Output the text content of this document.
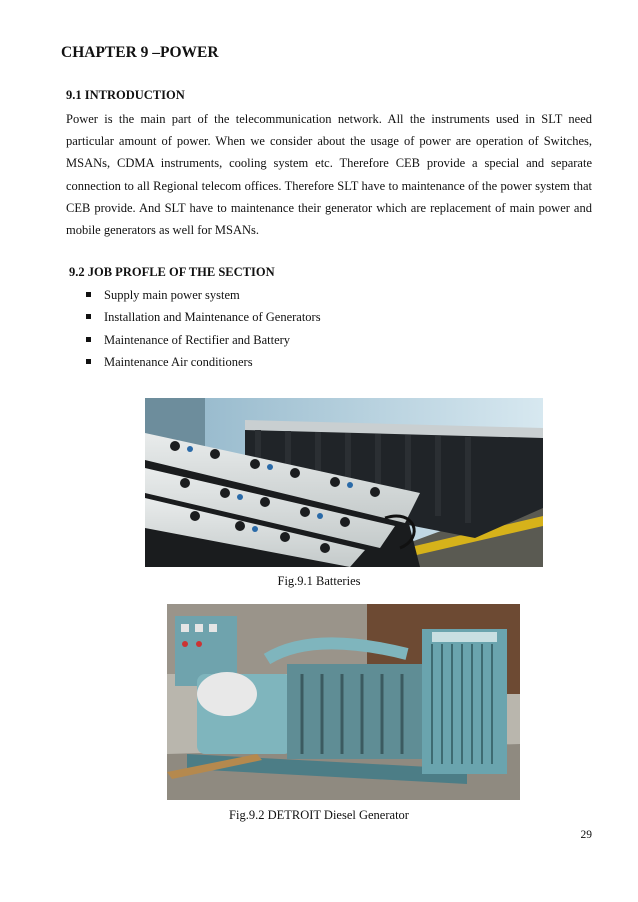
CHAPTER 9 –POWER
9.1 INTRODUCTION

Power is the main part of the telecommunication network. All the instruments used in SLT need particular amount of power. When we consider about the usage of power are operation of Switches, MSANs, CDMA instruments, cooling system etc. Therefore CEB provide a special and separate connection to all Regional telecom offices. Therefore SLT have to maintenance of the power system that CEB provide. And SLT have to maintenance their generator which are replacement of main power and mobile generators as well for MSANs.

9.2 JOB PROFLE OF THE SECTION
Supply main power system
Installation and Maintenance of Generators
Maintenance of Rectifier and Battery
Maintenance Air conditioners

Fig.9.1 Batteries

Fig.9.2 DETROIT Diesel Generator

29
